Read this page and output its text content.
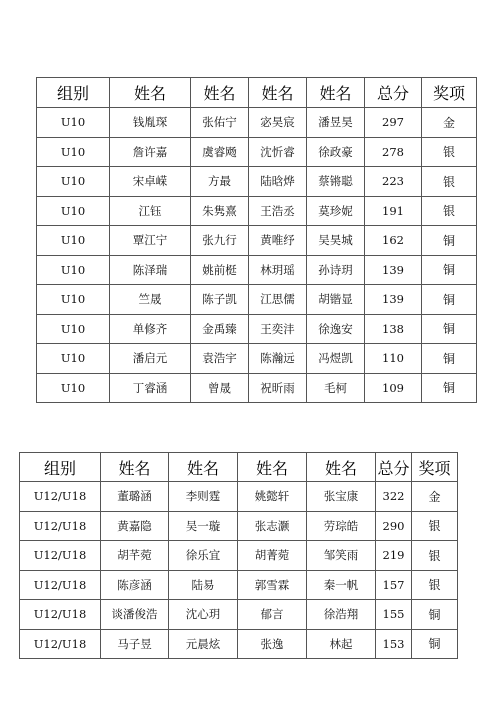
组别	姓名	姓名	姓名	姓名	总分	奖项
U10	钱胤琛	张佑宁	宓昊宸	潘昱昊	297	金
U10	詹许嘉	虞睿飏	沈忻睿	徐政豪	278	银
U10	宋卓嵘	方最	陆晗烨	蔡锵聪	223	银
U10	江钰	朱隽熹	王浩丞	莫珍妮	191	银
U10	覃江宁	张九行	黄唯纾	吴昊城	162	铜
U10	陈泽瑞	姚前梃	林玥瑶	孙诗玥	139	铜
U10	竺晟	陈子凯	江思儒	胡锴显	139	铜
U10	单修齐	金禹臻	王奕沣	徐逸安	138	铜
U10	潘启元	袁浩宇	陈瀚远	冯煜凯	110	铜
U10	丁睿涵	曾晟	祝昕雨	毛柯	109	铜
组别	姓名	姓名	姓名	姓名	总分	奖项
U12/U18	董璐涵	李则霆	姚懿轩	张宝康	322	金
U12/U18	黄嘉隐	吴一璇	张志灏	劳琮皓	290	银
U12/U18	胡芊菀	徐乐宜	胡菁菀	邹笑雨	219	银
U12/U18	陈彦涵	陆易	郭雪霖	秦一帆	157	银
U12/U18	谈潘俊浩	沈心玥	郁言	徐浩翔	155	铜
U12/U18	马子昱	元晨炫	张逸	林起	153	铜
